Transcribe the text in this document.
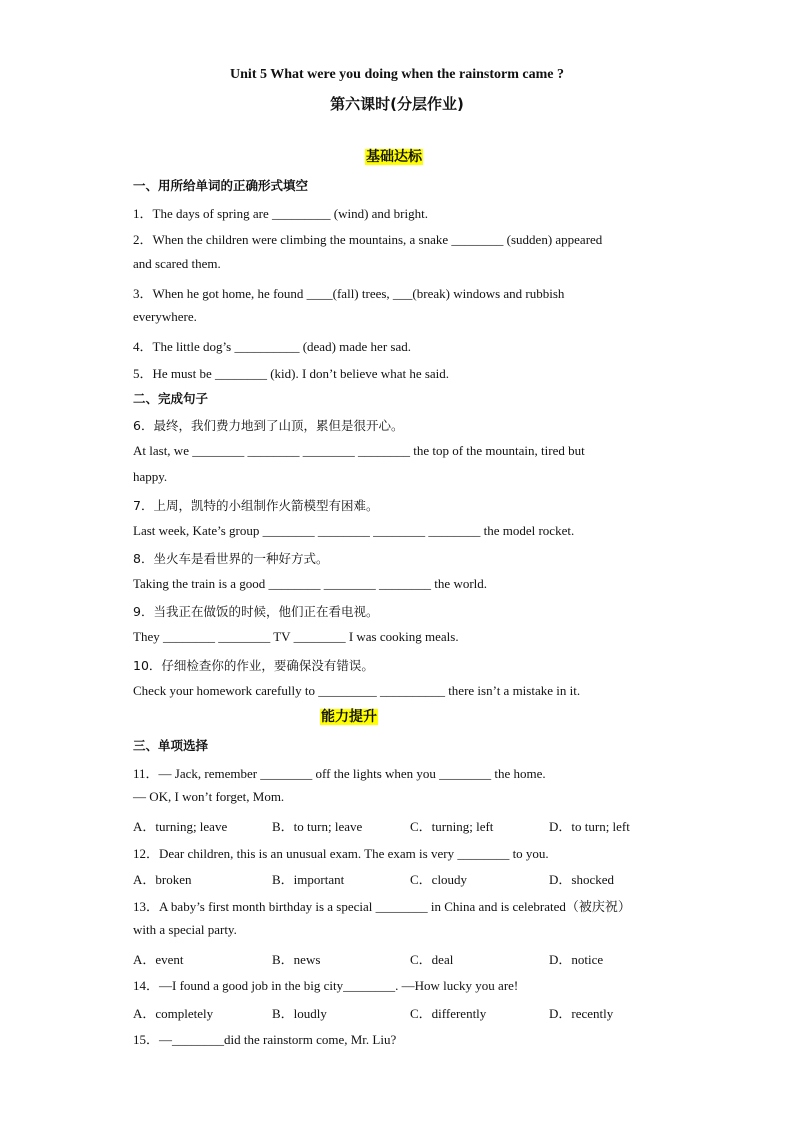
Unit 5 What were you doing when the rainstorm came ?
第六课时(分层作业)
基础达标
一、用所给单词的正确形式填空
1．The days of spring are _________ (wind) and bright.
2．When the children were climbing the mountains, a snake ________ (sudden) appeared
and scared them.
3．When he got home, he found ____(fall) trees, ___(break) windows and rubbish
everywhere.
4．The little dog’s __________ (dead) made her sad.
5．He must be ________ (kid). I don’t believe what he said.
二、完成句子
6．最终，我们费力地到了山顶，累但是很开心。
At last, we ________ ________ ________ ________ the top of the mountain, tired but
happy.
7．上周，凯特的小组制作火箭模型有困难。
Last week, Kate’s group ________ ________ ________ ________ the model rocket.
8．坐火车是看世界的一种好方式。
Taking the train is a good ________ ________ ________ the world.
9．当我正在做饭的时候，他们正在看电视。
They ________ ________ TV ________ I was cooking meals.
10．仔细检查你的作业，要确保没有错误。
Check your homework carefully to _________ __________ there isn’t a mistake in it.
能力提升
三、单项选择
11．— Jack, remember ________ off the lights when you ________ the home.
— OK, I won’t forget, Mom.
A．turning; leave	B．to turn; leave	C．turning; left	D．to turn; left
12．Dear children, this is an unusual exam. The exam is very ________ to you.
A．broken	B．important	C．cloudy	D．shocked
13．A baby’s first month birthday is a special ________ in China and is celebrated（被庆祝）
with a special party.
A．event	B．news	C．deal	D．notice
14．—I found a good job in the big city________. —How lucky you are!
A．completely	B．loudly	C．differently	D．recently
15．—________did the rainstorm come, Mr. Liu?
